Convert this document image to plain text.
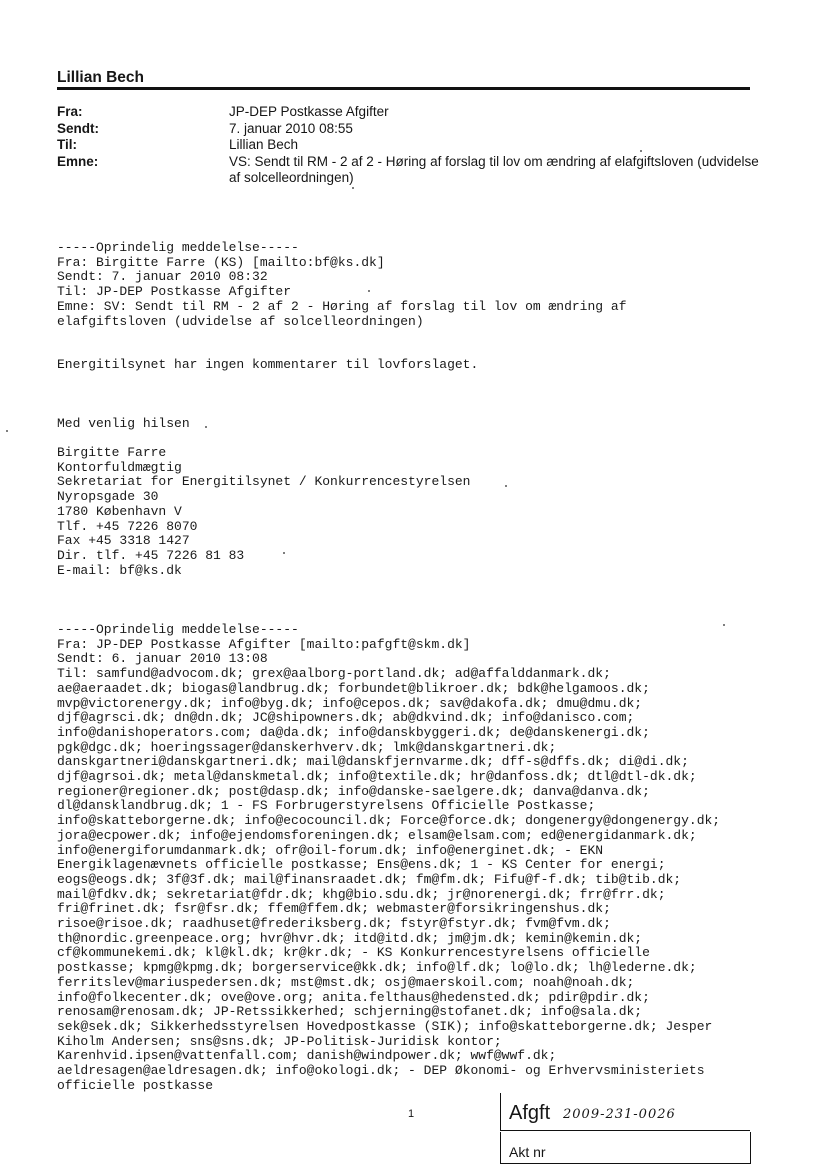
Lillian Bech
Fra:	JP-DEP Postkasse Afgifter
Sendt:	7. januar 2010 08:55
Til:	Lillian Bech
Emne:	VS: Sendt til RM - 2 af 2 - Høring af forslag til lov om ændring af elafgiftsloven (udvidelse af solcelleordningen)
-----Oprindelig meddelelse-----
Fra: Birgitte Farre (KS) [mailto:bf@ks.dk]
Sendt: 7. januar 2010 08:32
Til: JP-DEP Postkasse Afgifter
Emne: SV: Sendt til RM - 2 af 2 - Høring af forslag til lov om ændring af
elafgiftsloven (udvidelse af solcelleordningen)
Energitilsynet har ingen kommentarer til lovforslaget.
Med venlig hilsen
Birgitte Farre
Kontorfuldmægtig
Sekretariat for Energitilsynet / Konkurrencestyrelsen
Nyropsgade 30
1780 København V
Tlf. +45 7226 8070
Fax +45 3318 1427
Dir. tlf. +45 7226 81 83
E-mail: bf@ks.dk
-----Oprindelig meddelelse-----
Fra: JP-DEP Postkasse Afgifter [mailto:pafgft@skm.dk]
Sendt: 6. januar 2010 13:08
Til: samfund@advocom.dk; grex@aalborg-portland.dk; ad@affalddanmark.dk;
ae@aeraadet.dk; biogas@landbrug.dk; forbundet@blikroer.dk; bdk@helgamoos.dk;
mvp@victorenergy.dk; info@byg.dk; info@cepos.dk; sav@dakofa.dk; dmu@dmu.dk;
djf@agrsci.dk; dn@dn.dk; JC@shipowners.dk; ab@dkvind.dk; info@danisco.com;
info@danishoperators.com; da@da.dk; info@danskbyggeri.dk; de@danskenergi.dk;
pgk@dgc.dk; hoeringssager@danskerhverv.dk; lmk@danskgartneri.dk;
danskgartneri@danskgartneri.dk; mail@danskfjernvarme.dk; dff-s@dffs.dk; di@di.dk;
djf@agrsoi.dk; metal@danskmetal.dk; info@textile.dk; hr@danfoss.dk; dtl@dtl-dk.dk;
regioner@regioner.dk; post@dasp.dk; info@danske-saelgere.dk; danva@danva.dk;
dl@dansklandbrug.dk; 1 - FS Forbrugerstyrelsens Officielle Postkasse;
info@skatteborgerne.dk; info@ecocouncil.dk; Force@force.dk; dongenergy@dongenergy.dk;
jora@ecpower.dk; info@ejendomsforeningen.dk; elsam@elsam.com; ed@energidanmark.dk;
info@energiforumdanmark.dk; ofr@oil-forum.dk; info@energinet.dk; - EKN
Energiklagenævnets officielle postkasse; Ens@ens.dk; 1 - KS Center for energi;
eogs@eogs.dk; 3f@3f.dk; mail@finansraadet.dk; fm@fm.dk; Fifu@f-f.dk; tib@tib.dk;
mail@fdkv.dk; sekretariat@fdr.dk; khg@bio.sdu.dk; jr@norenergi.dk; frr@frr.dk;
fri@frinet.dk; fsr@fsr.dk; ffem@ffem.dk; webmaster@forsikringenshus.dk;
risoe@risoe.dk; raadhuset@frederiksberg.dk; fstyr@fstyr.dk; fvm@fvm.dk;
th@nordic.greenpeace.org; hvr@hvr.dk; itd@itd.dk; jm@jm.dk; kemin@kemin.dk;
cf@kommunekemi.dk; kl@kl.dk; kr@kr.dk; - KS Konkurrencestyrelsens officielle
postkasse; kpmg@kpmg.dk; borgerservice@kk.dk; info@lf.dk; lo@lo.dk; lh@lederne.dk;
ferritslev@mariuspedersen.dk; mst@mst.dk; osj@maerskoil.com; noah@noah.dk;
info@folkecenter.dk; ove@ove.org; anita.felthaus@hedensted.dk; pdir@pdir.dk;
renosam@renosam.dk; JP-Retssikkerhed; schjerning@stofanet.dk; info@sala.dk;
sek@sek.dk; Sikkerhedsstyrelsen Hovedpostkasse (SIK); info@skatteborgerne.dk; Jesper
Kiholm Andersen; sns@sns.dk; JP-Politisk-Juridisk kontor;
Karenhvid.ipsen@vattenfall.com; danish@windpower.dk; wwf@wwf.dk;
aeldresagen@aeldresagen.dk; info@okologi.dk; - DEP Økonomi- og Erhvervsministeriets
officielle postkasse
1	Afgft 2009-231-0026
Akt nr
